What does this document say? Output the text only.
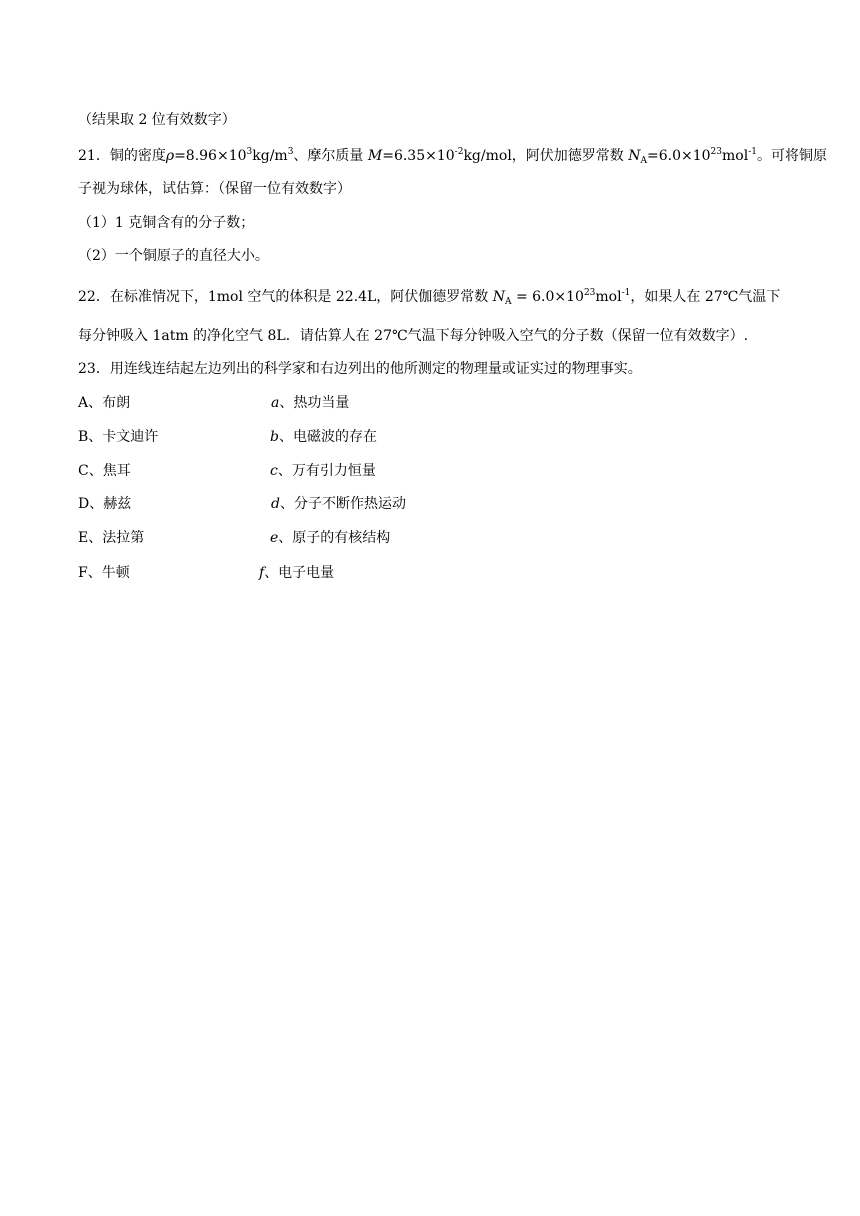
（结果取 2 位有效数字）
21．铜的密度$\rho=8.96\times 10^3kg/m^3$、摩尔质量 $M=6.35\times 10^{-2}kg$/mol，阿伏加德罗常数 $N_A=6.0\times 10^{23}mol^{-1}$。可将铜原
子视为球体，试估算：（保留一位有效数字）
（1）1 克铜含有的分子数；
（2）一个铜原子的直径大小。
22．在标准情况下，1mol 空气的体积是 22.4L，阿伏伽德罗常数 $N_A = 6.0\times 10^{23}mol^{-1}$，如果人在 27℃气温下
每分钟吸入 1atm 的净化空气 8L．请估算人在 27℃气温下每分钟吸入空气的分子数（保留一位有效数字）.
23．用连线连结起左边列出的科学家和右边列出的他所测定的物理量或证实过的物理事实。
A、布朗	a、热功当量
B、卡文迪许	b、电磁波的存在
C、焦耳	c、万有引力恒量
D、赫兹	d、分子不断作热运动
E、法拉第	e、原子的有核结构
F、牛顿	f、电子电量
